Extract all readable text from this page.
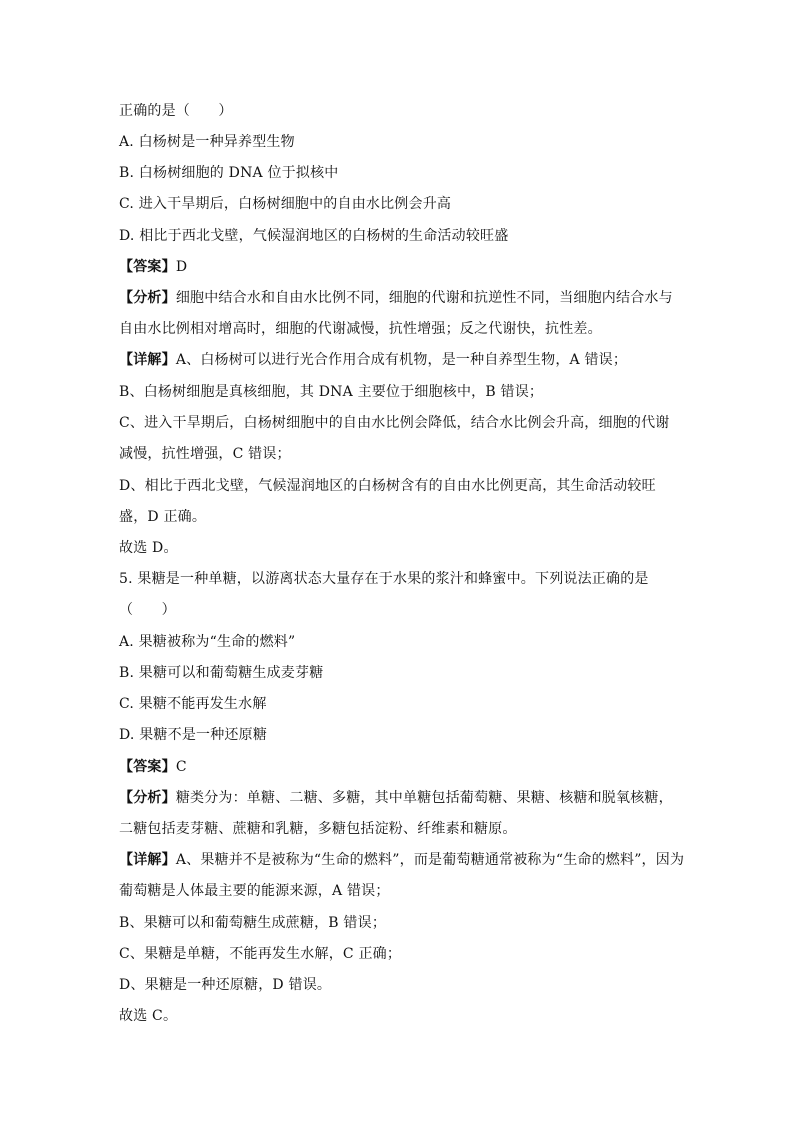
正确的是（　　）
A. 白杨树是一种异养型生物
B. 白杨树细胞的 DNA 位于拟核中
C. 进入干旱期后，白杨树细胞中的自由水比例会升高
D. 相比于西北戈壁，气候湿润地区的白杨树的生命活动较旺盛
【答案】D
【分析】细胞中结合水和自由水比例不同，细胞的代谢和抗逆性不同，当细胞内结合水与
自由水比例相对增高时，细胞的代谢减慢，抗性增强；反之代谢快，抗性差。
【详解】A、白杨树可以进行光合作用合成有机物，是一种自养型生物，A 错误；
B、白杨树细胞是真核细胞，其 DNA 主要位于细胞核中，B 错误；
C、进入干旱期后，白杨树细胞中的自由水比例会降低，结合水比例会升高，细胞的代谢
减慢，抗性增强，C 错误；
D、相比于西北戈壁，气候湿润地区的白杨树含有的自由水比例更高，其生命活动较旺
盛，D 正确。
故选 D。
5. 果糖是一种单糖，以游离状态大量存在于水果的浆汁和蜂蜜中。下列说法正确的是
（　　）
A. 果糖被称为“生命的燃料”
B. 果糖可以和葡萄糖生成麦芽糖
C. 果糖不能再发生水解
D. 果糖不是一种还原糖
【答案】C
【分析】糖类分为：单糖、二糖、多糖，其中单糖包括葡萄糖、果糖、核糖和脱氧核糖，
二糖包括麦芽糖、蔗糖和乳糖，多糖包括淀粉、纤维素和糖原。
【详解】A、果糖并不是被称为“生命的燃料”，而是葡萄糖通常被称为“生命的燃料”，因为
葡萄糖是人体最主要的能源来源，A 错误；
B、果糖可以和葡萄糖生成蔗糖，B 错误；
C、果糖是单糖，不能再发生水解，C 正确；
D、果糖是一种还原糖，D 错误。
故选 C。
